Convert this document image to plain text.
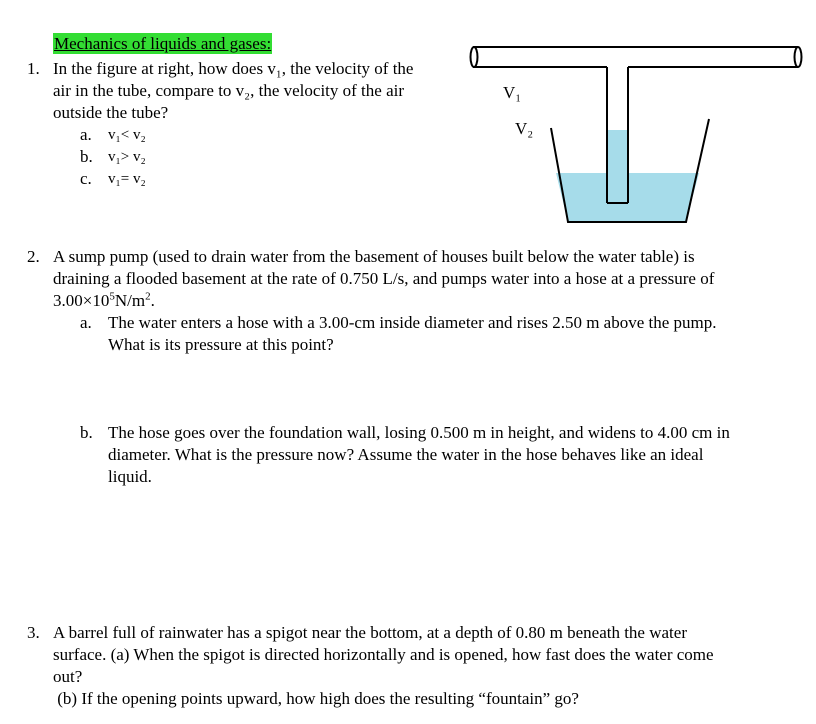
Mechanics of liquids and gases:
1. In the figure at right, how does v₁, the velocity of the
air in the tube, compare to v₂, the velocity of the air
outside the tube?
a. v₁< v₂
b. v₁> v₂
c. v₁= v₂
V₁
V₂
2. A sump pump (used to drain water from the basement of houses built below the water table) is
draining a flooded basement at the rate of 0.750 L/s, and pumps water into a hose at a pressure of
$3.00\times 10^5N/m^2$.
a. The water enters a hose with a 3.00-cm inside diameter and rises 2.50 m above the pump.
What is its pressure at this point?
b. The hose goes over the foundation wall, losing 0.500 m in height, and widens to 4.00 cm in
diameter. What is the pressure now? Assume the water in the hose behaves like an ideal
liquid.
3. A barrel full of rainwater has a spigot near the bottom, at a depth of 0.80 m beneath the water
surface. (a) When the spigot is directed horizontally and is opened, how fast does the water come
out?
(b) If the opening points upward, how high does the resulting “fountain” go?
